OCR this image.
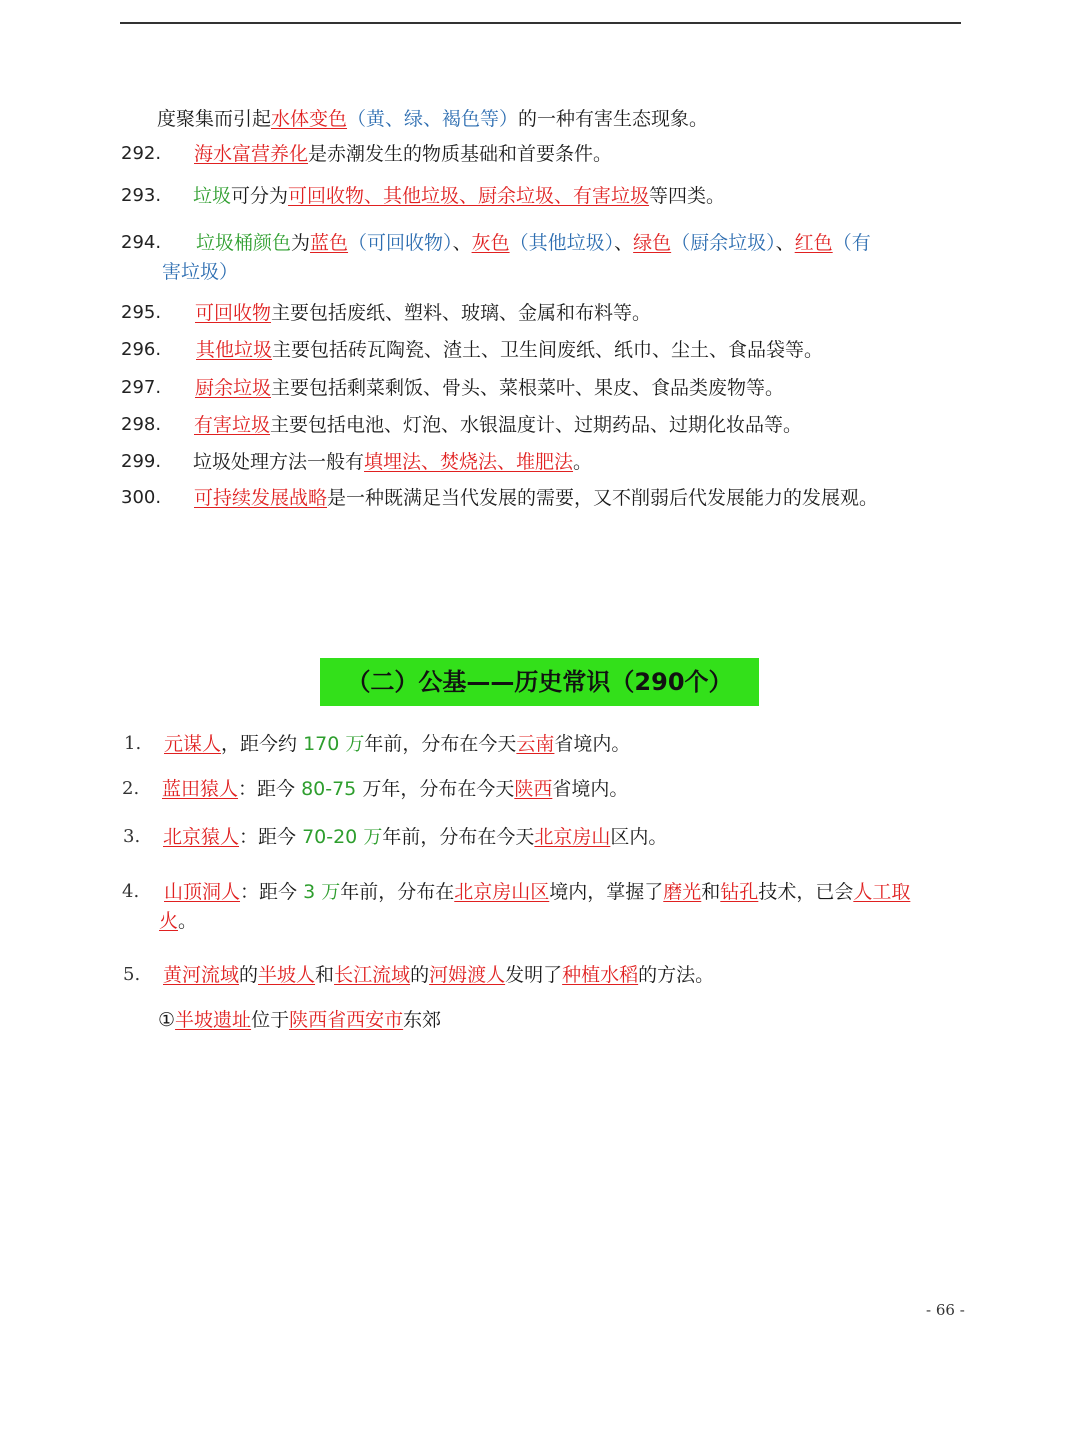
度聚集而引起水体变色（黄、绿、褐色等）的一种有害生态现象。
292. 海水富营养化是赤潮发生的物质基础和首要条件。
293. 垃圾可分为可回收物、其他垃圾、厨余垃圾、有害垃圾等四类。
294. 垃圾桶颜色为蓝色（可回收物）、灰色（其他垃圾）、绿色（厨余垃圾）、红色（有
害垃圾）
295. 可回收物主要包括废纸、塑料、玻璃、金属和布料等。
296. 其他垃圾主要包括砖瓦陶瓷、渣土、卫生间废纸、纸巾、尘土、食品袋等。
297. 厨余垃圾主要包括剩菜剩饭、骨头、菜根菜叶、果皮、食品类废物等。
298. 有害垃圾主要包括电池、灯泡、水银温度计、过期药品、过期化妆品等。
299. 垃圾处理方法一般有填埋法、焚烧法、堆肥法。
300. 可持续发展战略是一种既满足当代发展的需要，又不削弱后代发展能力的发展观。
（二）公基——历史常识（290个）
1. 元谋人，距今约 170 万年前，分布在今天云南省境内。
2. 蓝田猿人：距今 80-75 万年，分布在今天陕西省境内。
3. 北京猿人：距今 70-20 万年前，分布在今天北京房山区内。
4. 山顶洞人：距今 3 万年前，分布在北京房山区境内，掌握了磨光和钻孔技术，已会人工取
火。
5. 黄河流域的半坡人和长江流域的河姆渡人发明了种植水稻的方法。
①半坡遗址位于陕西省西安市东郊
- 66 -
